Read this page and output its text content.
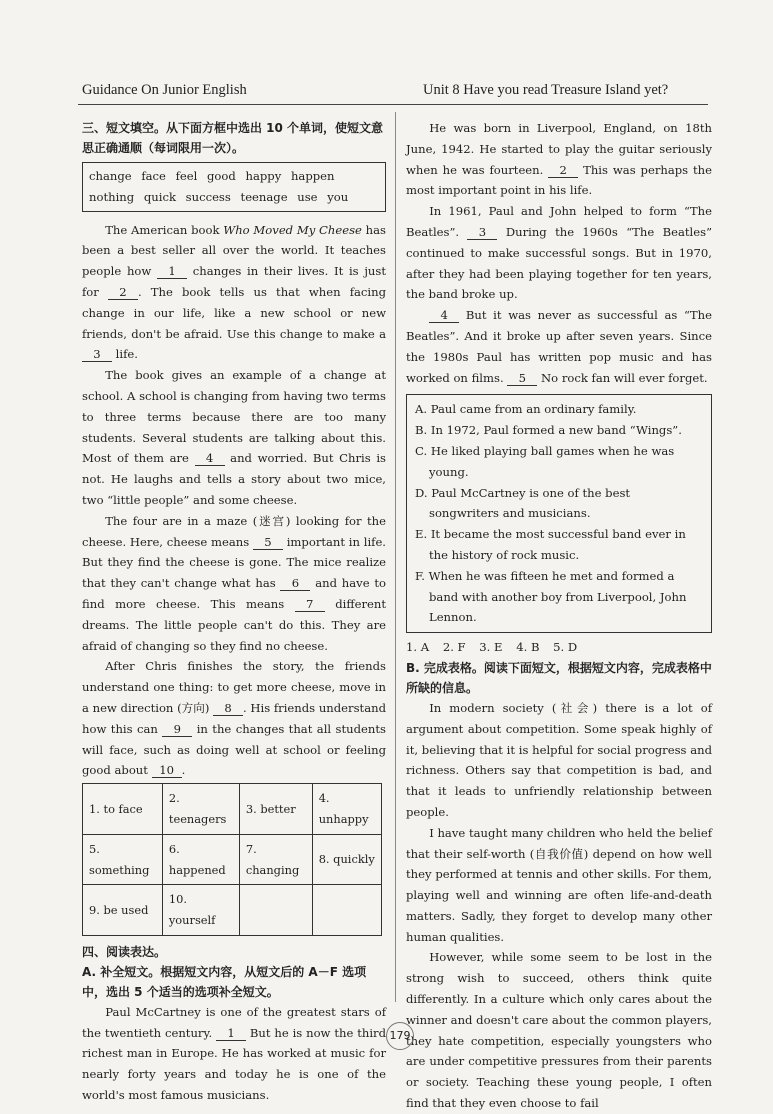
Guidance On Junior English	Unit 8 Have you read Treasure Island yet?
三、短文填空。从下面方框中选出 10 个单词，使短文意思正确通顺（每词限用一次）。
change face feel good happy happen
nothing quick success teenage use you

The American book Who Moved My Cheese has been a best seller all over the world. It teaches people how 1 changes in their lives. It is just for 2 . The book tells us that when facing change in our life, like a new school or new friends, don't be afraid. Use this change to make a 3 life.

The book gives an example of a change at school. A school is changing from having two terms to three terms because there are too many students. Several students are talking about this. Most of them are 4 and worried. But Chris is not. He laughs and tells a story about two mice, two “little people” and some cheese.

The four are in a maze (迷宫) looking for the cheese. Here, cheese means 5 important in life. But they find the cheese is gone. The mice realize that they can't change what has 6 and have to find more cheese. This means 7 different dreams. The little people can't do this. They are afraid of changing so they find no cheese.

After Chris finishes the story, the friends understand one thing: to get more cheese, move in a new direction (方向) 8 . His friends understand how this can 9 in the changes that all students will face, such as doing well at school or feeling good about 10 .

1. to face	2. teenagers	3. better	4. unhappy
5. something	6. happened	7. changing	8. quickly
9. be used	10. yourself		
四、阅读表达。
A. 补全短文。根据短文内容，从短文后的 A－F 选项中，选出 5 个适当的选项补全短文。

Paul McCartney is one of the greatest stars of the twentieth century. 1 But he is now the third richest man in Europe. He has worked at music for nearly forty years and today he is one of the world's most famous musicians.

He was born in Liverpool, England, on 18th June, 1942. He started to play the guitar seriously when he was fourteen. 2 This was perhaps the most important point in his life.

In 1961, Paul and John helped to form “The Beatles”. 3 During the 1960s “The Beatles” continued to make successful songs. But in 1970, after they had been playing together for ten years, the band broke up.

4 But it was never as successful as “The Beatles”. And it broke up after seven years. Since the 1980s Paul has written pop music and has worked on films. 5 No rock fan will ever forget.

A. Paul came from an ordinary family.
B. In 1972, Paul formed a new band “Wings”.
C. He liked playing ball games when he was young.
D. Paul McCartney is one of the best songwriters and musicians.
E. It became the most successful band ever in the history of rock music.
F. When he was fifteen he met and formed a band with another boy from Liverpool, John Lennon.
1. A 2. F 3. E 4. B 5. D
B. 完成表格。阅读下面短文，根据短文内容，完成表格中所缺的信息。

In modern society (社会) there is a lot of argument about competition. Some speak highly of it, believing that it is helpful for social progress and richness. Others say that competition is bad, and that it leads to unfriendly relationship between people.

I have taught many children who held the belief that their self-worth (自我价值) depend on how well they performed at tennis and other skills. For them, playing well and winning are often life-and-death matters. Sadly, they forget to develop many other human qualities.

However, while some seem to be lost in the strong wish to succeed, others think quite differently. In a culture which only cares about the winner and doesn't care about the common players, they hate competition, especially youngsters who are under competitive pressures from their parents or society. Teaching these young people, I often find that they even choose to fail

179
